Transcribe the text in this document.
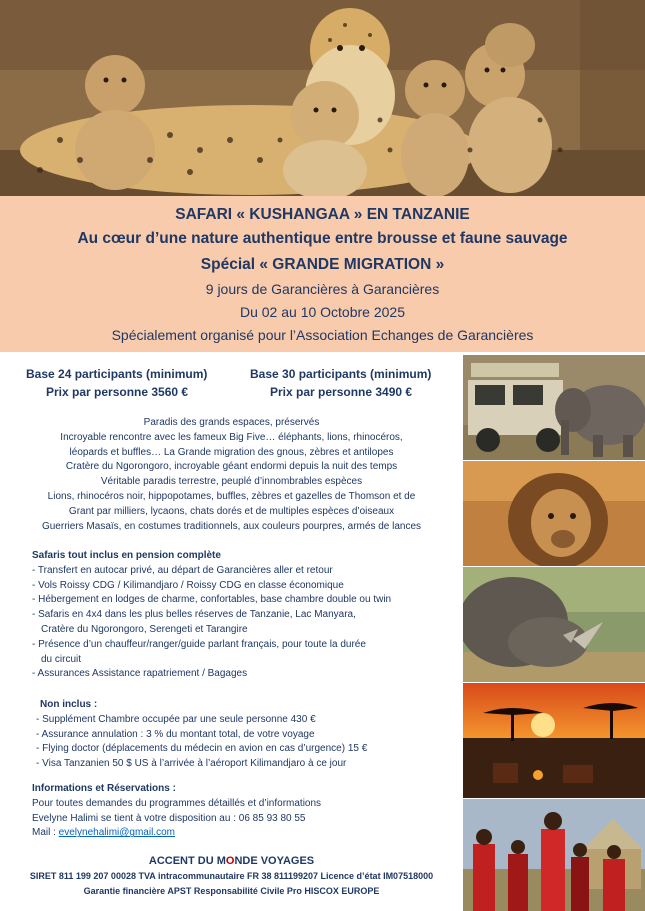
SAFARI « KUSHANGAA » EN TANZANIE
Au cœur d’une nature authentique entre brousse et faune sauvage
Spécial « GRANDE MIGRATION »
9 jours de Garancières à Garancières
Du 02 au 10 Octobre 2025
Spécialement organisé pour l’Association Echanges de Garancières
Base 24 participants (minimum)
Prix par personne 3560 €
Base 30 participants (minimum)
Prix par personne 3490 €
Paradis des grands espaces, préservés
Incroyable rencontre avec les fameux Big Five… éléphants, lions, rhinocéros,
léopards et buffles… La Grande migration des gnous, zèbres et antilopes
Cratère du Ngorongoro, incroyable géant endormi depuis la nuit des temps
Véritable paradis terrestre, peuplé d’innombrables espèces
Lions, rhinocéros noir, hippopotames, buffles, zèbres et gazelles de Thomson et de
Grant par milliers, lycaons, chats dorés et de multiples espèces d’oiseaux
Guerriers Masaïs, en costumes traditionnels, aux couleurs pourpres, armés de lances
Safaris tout inclus en pension complète
- Transfert en autocar privé, au départ de Garancières aller et retour
- Vols Roissy CDG / Kilimandjaro / Roissy CDG en classe économique
- Hébergement en lodges de charme, confortables, base chambre double ou twin
- Safaris en 4x4 dans les plus belles réserves de Tanzanie, Lac Manyara,
Cratère du Ngorongoro, Serengeti et Tarangire
- Présence d’un chauffeur/ranger/guide parlant français, pour toute la durée
du circuit
- Assurances Assistance rapatriement / Bagages
Non inclus :
- Supplément Chambre occupée par une seule personne 430 €
- Assurance annulation : 3 % du montant total, de votre voyage
- Flying doctor (déplacements du médecin en avion en cas d’urgence) 15 €
- Visa Tanzanien 50 $ US à l’arrivée à l’aéroport Kilimandjaro à ce jour
Informations et Réservations :
Pour toutes demandes du programmes détaillés et d’informations
Evelyne Halimi se tient à votre disposition au : 06 85 93 80 55
Mail : evelynehalimi@gmail.com
ACCENT DU MONDE VOYAGES
SIRET 811 199 207 00028 TVA intracommunautaire FR 38 811199207 Licence d’état IM07518000
Garantie financière APST Responsabilité Civile Pro HISCOX EUROPE
